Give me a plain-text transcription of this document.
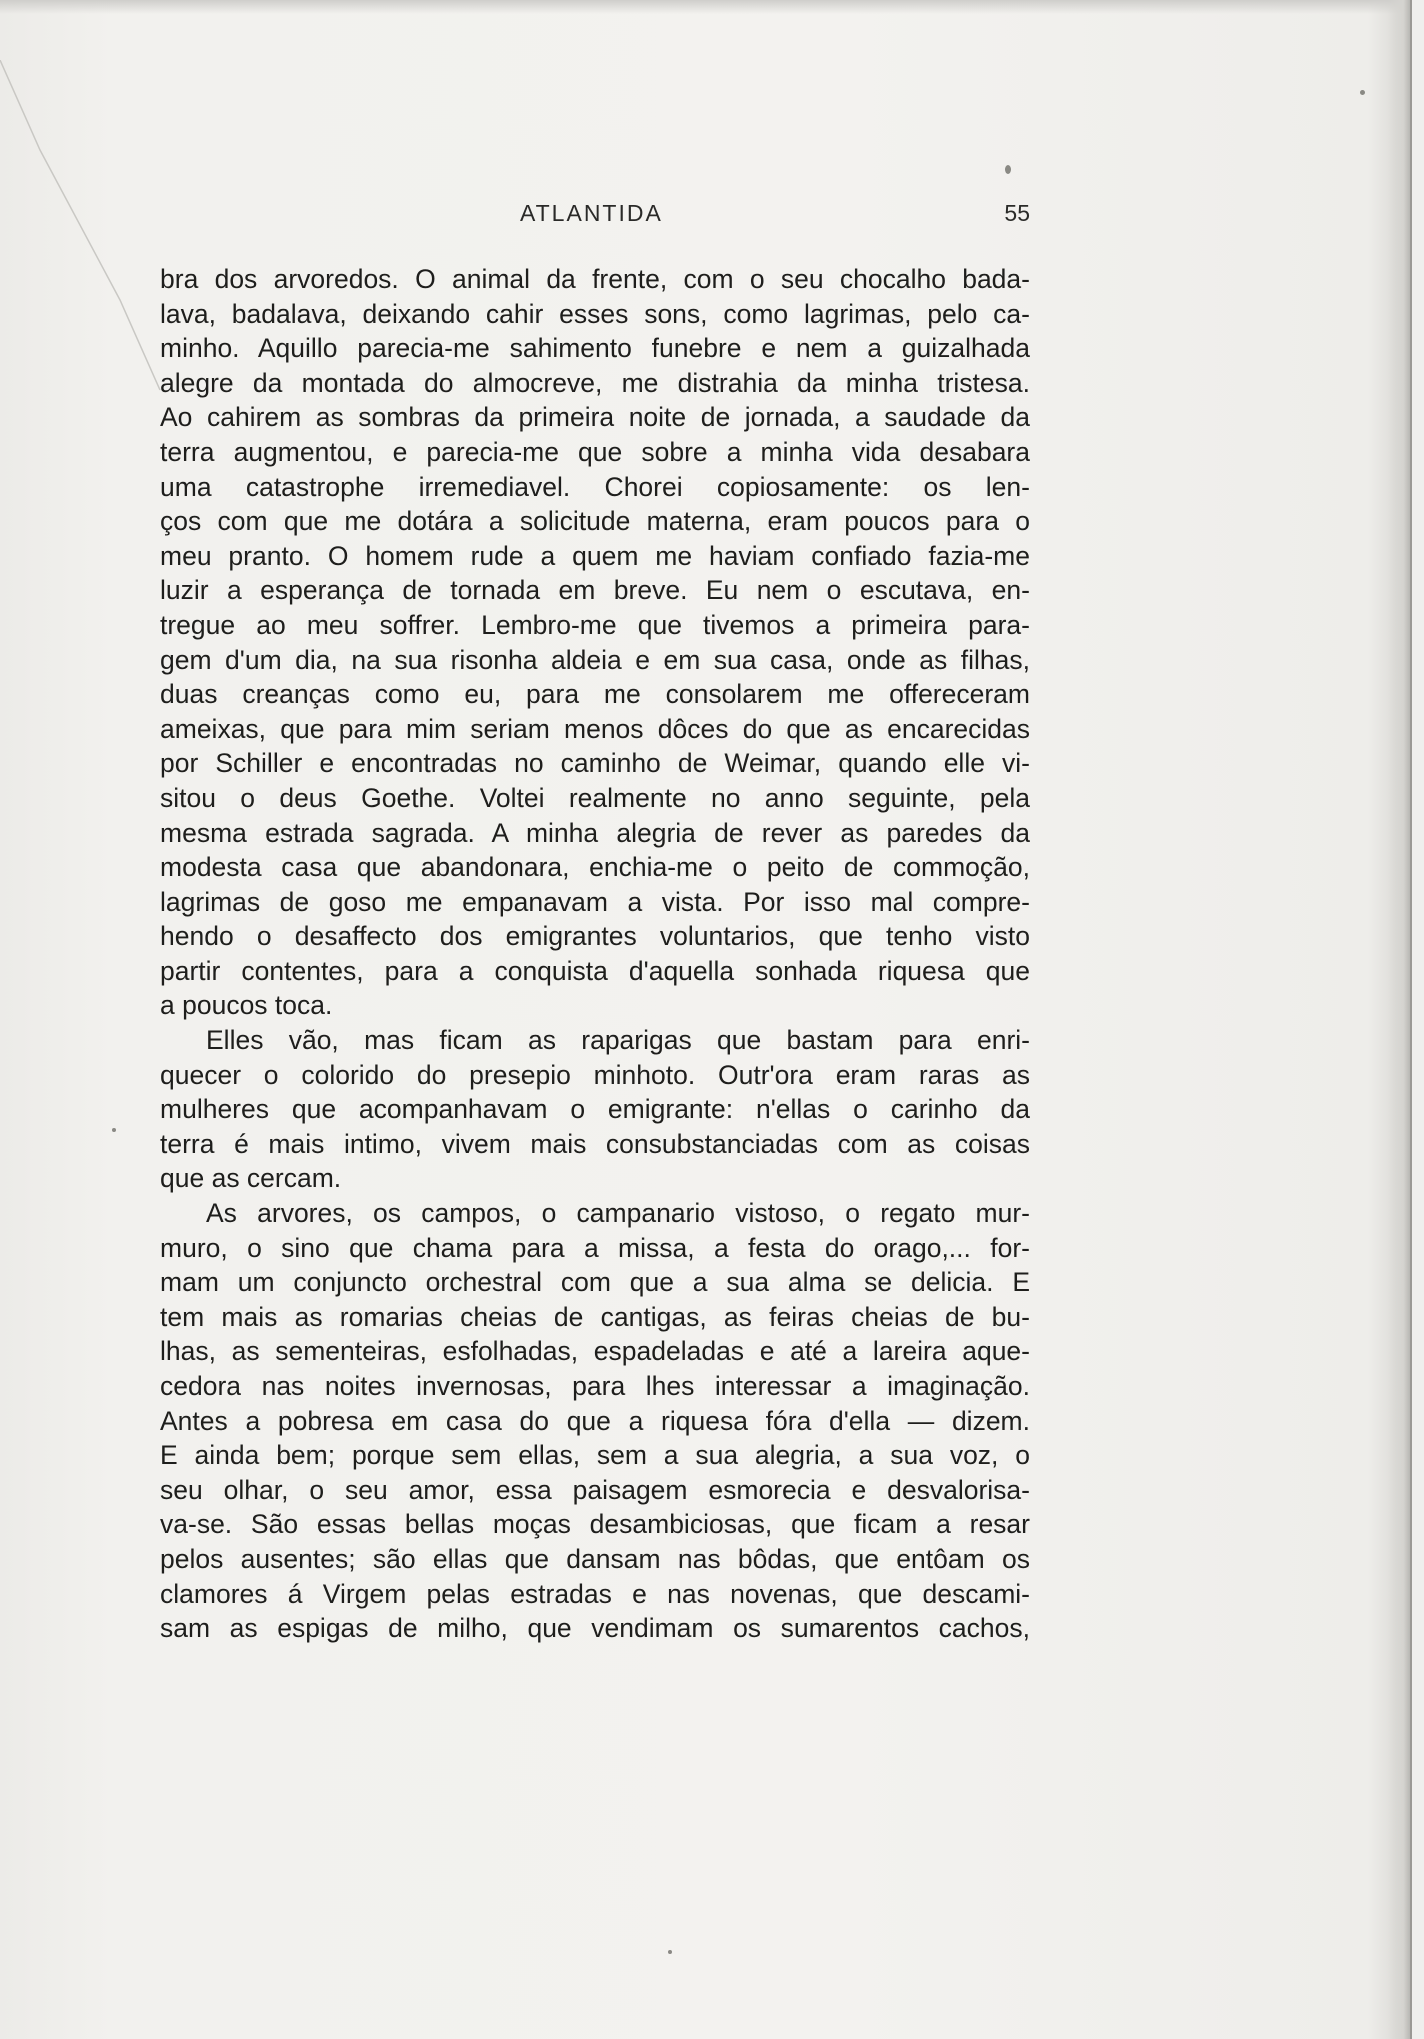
ATLANTIDA	55
bra dos arvoredos. O animal da frente, com o seu chocalho bada-
lava, badalava, deixando cahir esses sons, como lagrimas, pelo ca-
minho. Aquillo parecia-me sahimento funebre e nem a guizalhada
alegre da montada do almocreve, me distrahia da minha tristesa.
Ao cahirem as sombras da primeira noite de jornada, a saudade da
terra augmentou, e parecia-me que sobre a minha vida desabara
uma catastrophe irremediavel. Chorei copiosamente: os len-
ços com que me dotára a solicitude materna, eram poucos para o
meu pranto. O homem rude a quem me haviam confiado fazia-me
luzir a esperança de tornada em breve. Eu nem o escutava, en-
tregue ao meu soffrer. Lembro-me que tivemos a primeira para-
gem d'um dia, na sua risonha aldeia e em sua casa, onde as filhas,
duas creanças como eu, para me consolarem me offereceram
ameixas, que para mim seriam menos dôces do que as encarecidas
por Schiller e encontradas no caminho de Weimar, quando elle vi-
sitou o deus Goethe. Voltei realmente no anno seguinte, pela
mesma estrada sagrada. A minha alegria de rever as paredes da
modesta casa que abandonara, enchia-me o peito de commoção,
lagrimas de goso me empanavam a vista. Por isso mal compre-
hendo o desaffecto dos emigrantes voluntarios, que tenho visto
partir contentes, para a conquista d'aquella sonhada riquesa que
a poucos toca.
Elles vão, mas ficam as raparigas que bastam para enri-
quecer o colorido do presepio minhoto. Outr'ora eram raras as
mulheres que acompanhavam o emigrante: n'ellas o carinho da
terra é mais intimo, vivem mais consubstanciadas com as coisas
que as cercam.
As arvores, os campos, o campanario vistoso, o regato mur-
muro, o sino que chama para a missa, a festa do orago,... for-
mam um conjuncto orchestral com que a sua alma se delicia. E
tem mais as romarias cheias de cantigas, as feiras cheias de bu-
lhas, as sementeiras, esfolhadas, espadeladas e até a lareira aque-
cedora nas noites invernosas, para lhes interessar a imaginação.
Antes a pobresa em casa do que a riquesa fóra d'ella — dizem.
E ainda bem; porque sem ellas, sem a sua alegria, a sua voz, o
seu olhar, o seu amor, essa paisagem esmorecia e desvalorisa-
va-se. São essas bellas moças desambiciosas, que ficam a resar
pelos ausentes; são ellas que dansam nas bôdas, que entôam os
clamores á Virgem pelas estradas e nas novenas, que descami-
sam as espigas de milho, que vendimam os sumarentos cachos,
